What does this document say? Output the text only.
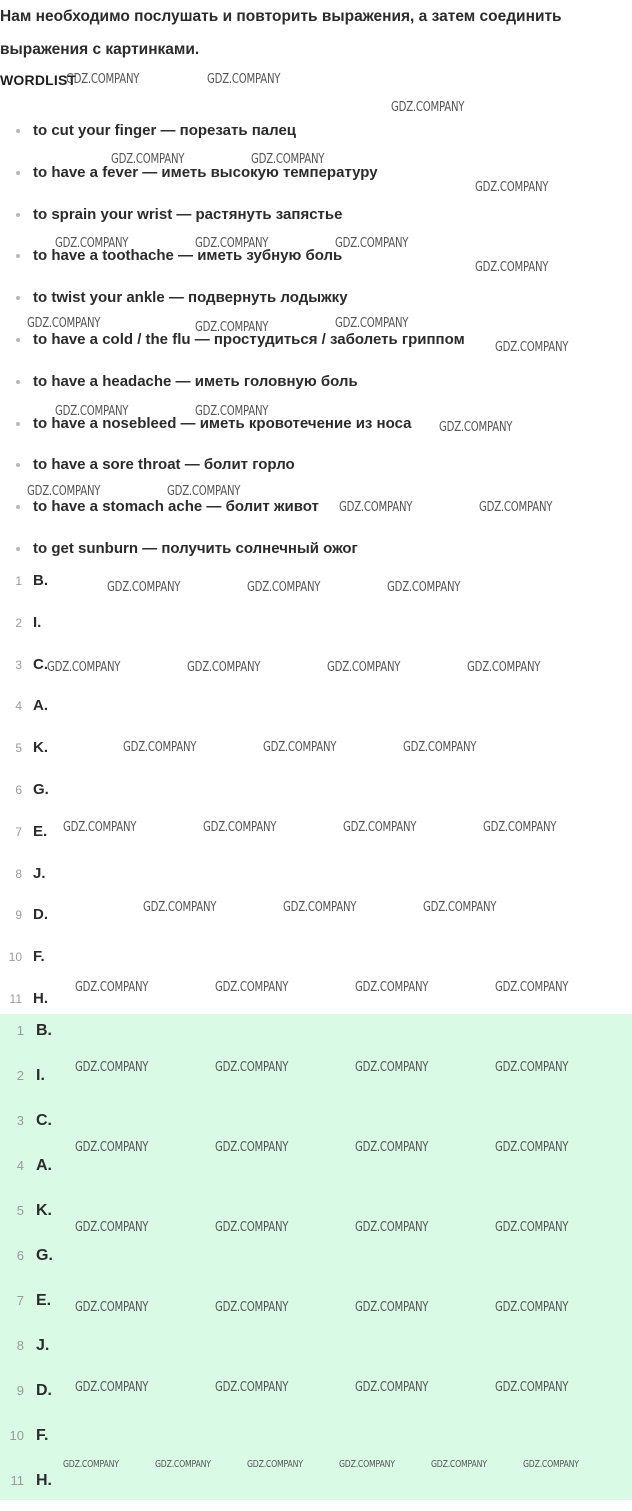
Нам необходимо послушать и повторить выражения, а затем соединить
выражения с картинками.
WORDLIST
to cut your finger — порезать палец
to have a fever — иметь высокую температуру
to sprain your wrist — растянуть запястье
to have a toothache — иметь зубную боль
to twist your ankle — подвернуть лодыжку
to have a cold / the flu — простудиться / заболеть гриппом
to have a headache — иметь головную боль
to have a nosebleed — иметь кровотечение из носа
to have a sore throat — болит горло
to have a stomach ache — болит живот
to get sunburn — получить солнечный ожог
1 B.
2 I.
3 C.
4 A.
5 K.
6 G.
7 E.
8 J.
9 D.
10 F.
11 H.
1 B.
2 I.
3 C.
4 A.
5 K.
6 G.
7 E.
8 J.
9 D.
10 F.
11 H.
GDZ.COMPANY	GDZ.COMPANY
GDZ.COMPANY
GDZ.COMPANY	GDZ.COMPANY
GDZ.COMPANY
GDZ.COMPANY	GDZ.COMPANY	GDZ.COMPANY
GDZ.COMPANY
GDZ.COMPANY	GDZ.COMPANY	GDZ.COMPANY
GDZ.COMPANY
GDZ.COMPANY	GDZ.COMPANY
GDZ.COMPANY
GDZ.COMPANY	GDZ.COMPANY
GDZ.COMPANY	GDZ.COMPANY
GDZ.COMPANY	GDZ.COMPANY	GDZ.COMPANY
GDZ.COMPANY	GDZ.COMPANY	GDZ.COMPANY	GDZ.COMPANY
GDZ.COMPANY	GDZ.COMPANY	GDZ.COMPANY
GDZ.COMPANY	GDZ.COMPANY	GDZ.COMPANY	GDZ.COMPANY
GDZ.COMPANY	GDZ.COMPANY	GDZ.COMPANY
GDZ.COMPANY	GDZ.COMPANY	GDZ.COMPANY	GDZ.COMPANY
GDZ.COMPANY	GDZ.COMPANY	GDZ.COMPANY	GDZ.COMPANY
GDZ.COMPANY	GDZ.COMPANY	GDZ.COMPANY	GDZ.COMPANY
GDZ.COMPANY	GDZ.COMPANY	GDZ.COMPANY	GDZ.COMPANY
GDZ.COMPANY	GDZ.COMPANY	GDZ.COMPANY	GDZ.COMPANY
GDZ.COMPANY	GDZ.COMPANY	GDZ.COMPANY	GDZ.COMPANY
GDZ.COMPANY	GDZ.COMPANY	GDZ.COMPANY	GDZ.COMPANY	GDZ.COMPANY	GDZ.COMPANY
